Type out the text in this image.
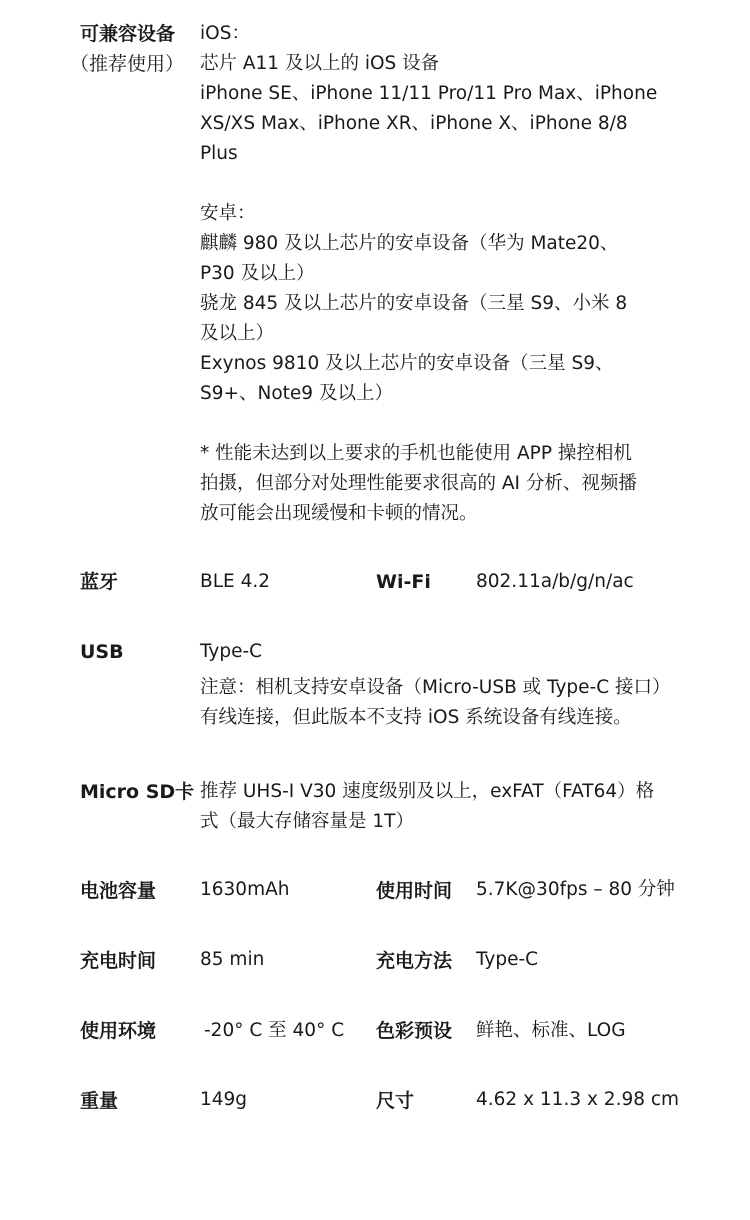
可兼容设备
（推荐使用）
iOS：
芯片 A11 及以上的 iOS 设备
iPhone SE、iPhone 11/11 Pro/11 Pro Max、iPhone
XS/XS Max、iPhone XR、iPhone X、iPhone 8/8
Plus
安卓：
麒麟 980 及以上芯片的安卓设备（华为 Mate20、
P30 及以上）
骁龙 845 及以上芯片的安卓设备（三星 S9、小米 8
及以上）
Exynos 9810 及以上芯片的安卓设备（三星 S9、
S9+、Note9 及以上）
* 性能未达到以上要求的手机也能使用 APP 操控相机
拍摄，但部分对处理性能要求很高的 AI 分析、视频播
放可能会出现缓慢和卡顿的情况。
蓝牙	BLE 4.2	Wi-Fi 802.11a/b/g/n/ac
USB	Type-C
注意：相机支持安卓设备（Micro-USB 或 Type-C 接口）
有线连接，但此版本不支持 iOS 系统设备有线连接。
Micro SD卡 推荐 UHS-I V30 速度级别及以上，exFAT（FAT64）格
式（最大存储容量是 1T）
电池容量 1630mAh	使用时间 5.7K@30fps – 80 分钟
充电时间 85 min	充电方法 Type-C
使用环境	-20° C 至 40° C 色彩预设 鲜艳、标准、LOG
重量	149g	尺寸	4.62 x 11.3 x 2.98 cm
